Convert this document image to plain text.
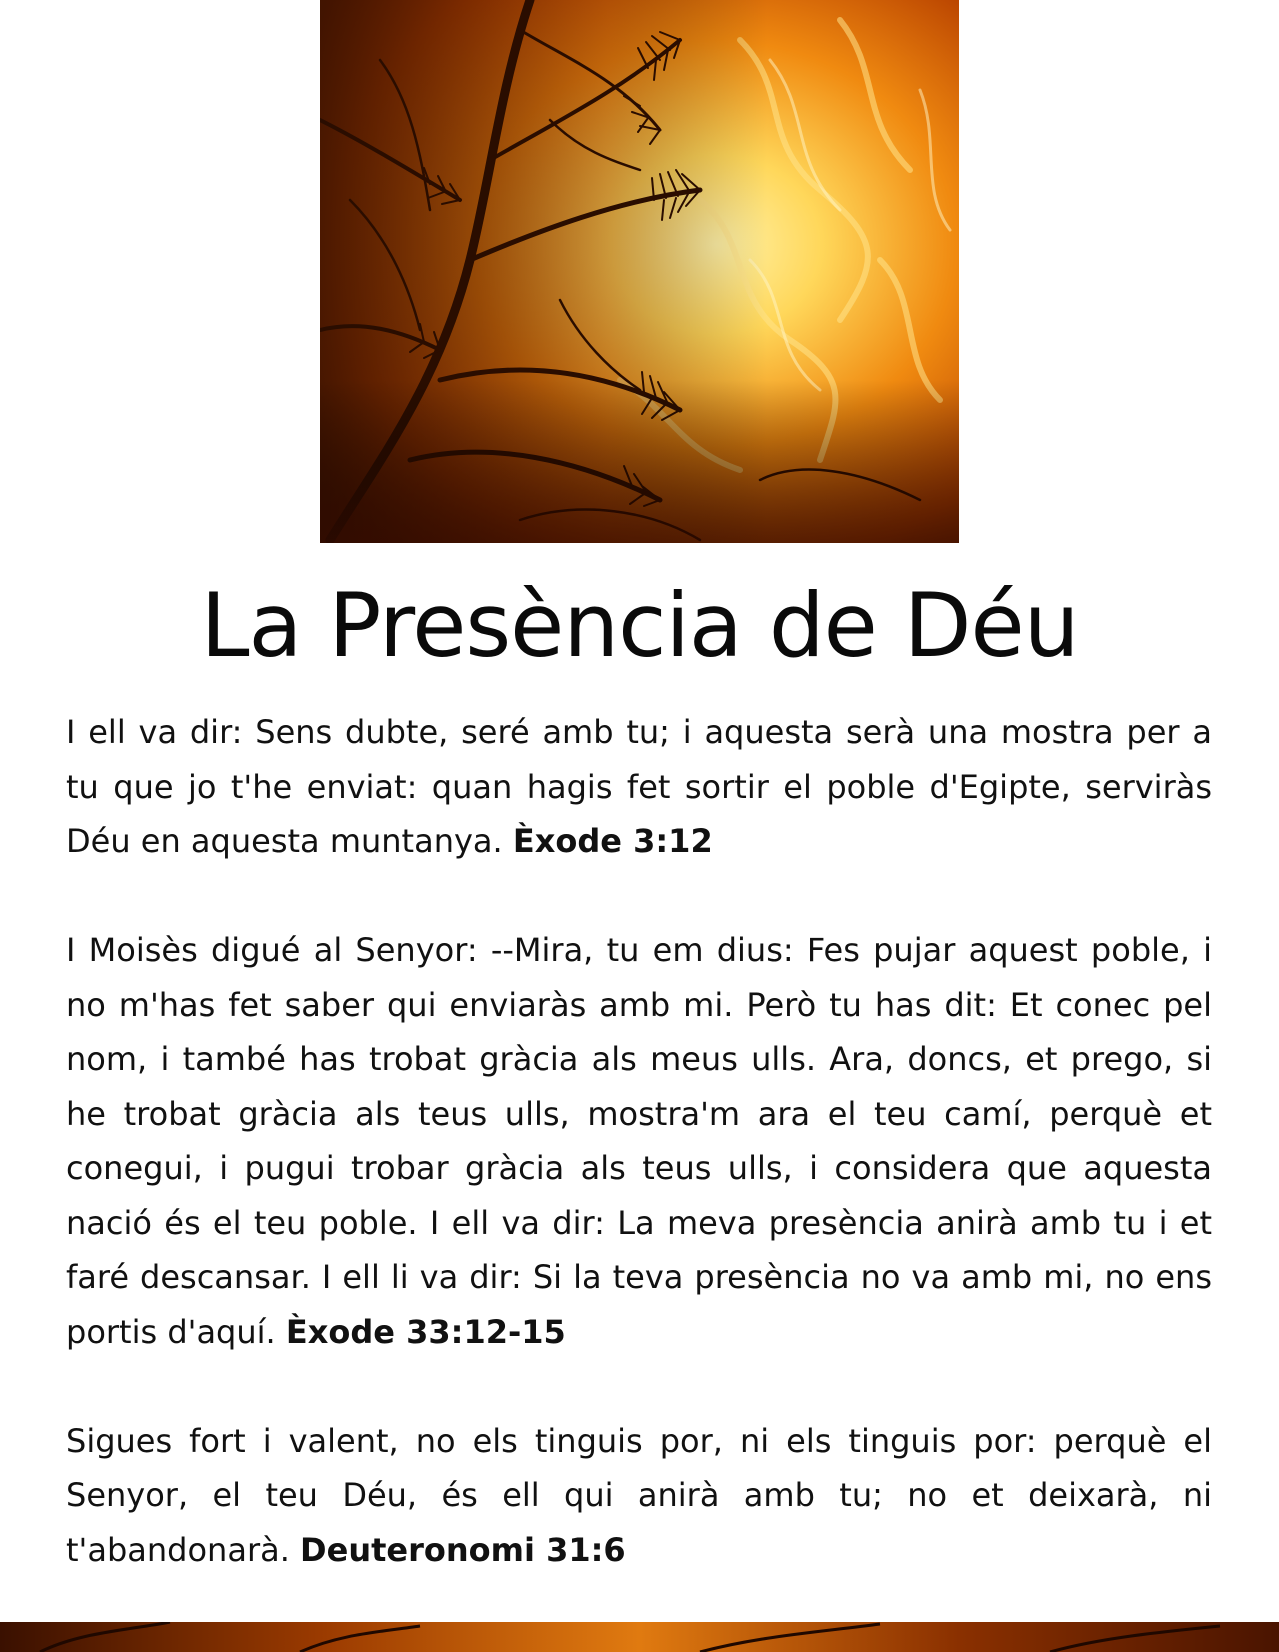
La Presència de Déu

I ell va dir: Sens dubte, seré amb tu; i aquesta serà una mostra per a tu que jo t'he enviat: quan hagis fet sortir el poble d'Egipte, serviràs Déu en aquesta muntanya. Èxode 3:12

I Moisès digué al Senyor: --Mira, tu em dius: Fes pujar aquest poble, i no m'has fet saber qui enviaràs amb mi. Però tu has dit: Et conec pel nom, i també has trobat gràcia als meus ulls. Ara, doncs, et prego, si he trobat gràcia als teus ulls, mostra'm ara el teu camí, perquè et conegui, i pugui trobar gràcia als teus ulls, i considera que aquesta nació és el teu poble. I ell va dir: La meva presència anirà amb tu i et faré descansar. I ell li va dir: Si la teva presència no va amb mi, no ens portis d'aquí. Èxode 33:12-15

Sigues fort i valent, no els tinguis por, ni els tinguis por: perquè el Senyor, el teu Déu, és ell qui anirà amb tu; no et deixarà, ni t'abandonarà. Deuteronomi 31:6
